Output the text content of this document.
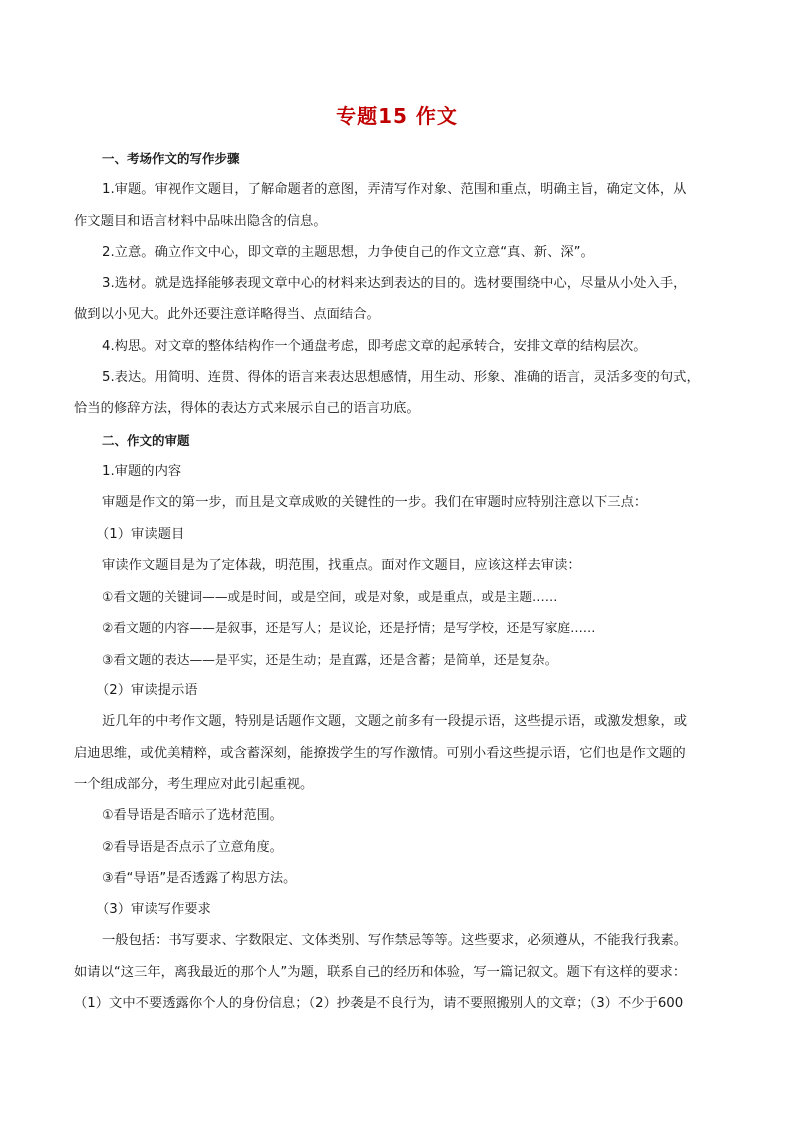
专题15 作文

一、考场作文的写作步骤

1.审题。审视作文题目，了解命题者的意图，弄清写作对象、范围和重点，明确主旨，确定文体，从

作文题目和语言材料中品味出隐含的信息。

2.立意。确立作文中心，即文章的主题思想，力争使自己的作文立意“真、新、深”。

3.选材。就是选择能够表现文章中心的材料来达到表达的目的。选材要围绕中心，尽量从小处入手，

做到以小见大。此外还要注意详略得当、点面结合。

4.构思。对文章的整体结构作一个通盘考虑，即考虑文章的起承转合，安排文章的结构层次。

5.表达。用简明、连贯、得体的语言来表达思想感情，用生动、形象、准确的语言，灵活多变的句式，

恰当的修辞方法，得体的表达方式来展示自己的语言功底。

二、作文的审题

1.审题的内容

审题是作文的第一步，而且是文章成败的关键性的一步。我们在审题时应特别注意以下三点：

（1）审读题目

审读作文题目是为了定体裁，明范围，找重点。面对作文题目，应该这样去审读：

①看文题的关键词——或是时间，或是空间，或是对象，或是重点，或是主题……

②看文题的内容——是叙事，还是写人；是议论，还是抒情；是写学校，还是写家庭……

③看文题的表达——是平实，还是生动；是直露，还是含蓄；是简单，还是复杂。

（2）审读提示语

近几年的中考作文题，特别是话题作文题，文题之前多有一段提示语，这些提示语，或激发想象，或

启迪思维，或优美精粹，或含蓄深刻，能撩拨学生的写作激情。可别小看这些提示语，它们也是作文题的

一个组成部分，考生理应对此引起重视。

①看导语是否暗示了选材范围。

②看导语是否点示了立意角度。

③看“导语”是否透露了构思方法。

（3）审读写作要求

一般包括：书写要求、字数限定、文体类别、写作禁忌等等。这些要求，必须遵从，不能我行我素。

如请以“这三年，离我最近的那个人”为题，联系自己的经历和体验，写一篇记叙文。题下有这样的要求：

（1）文中不要透露你个人的身份信息；（2）抄袭是不良行为，请不要照搬别人的文章；（3）不少于600
